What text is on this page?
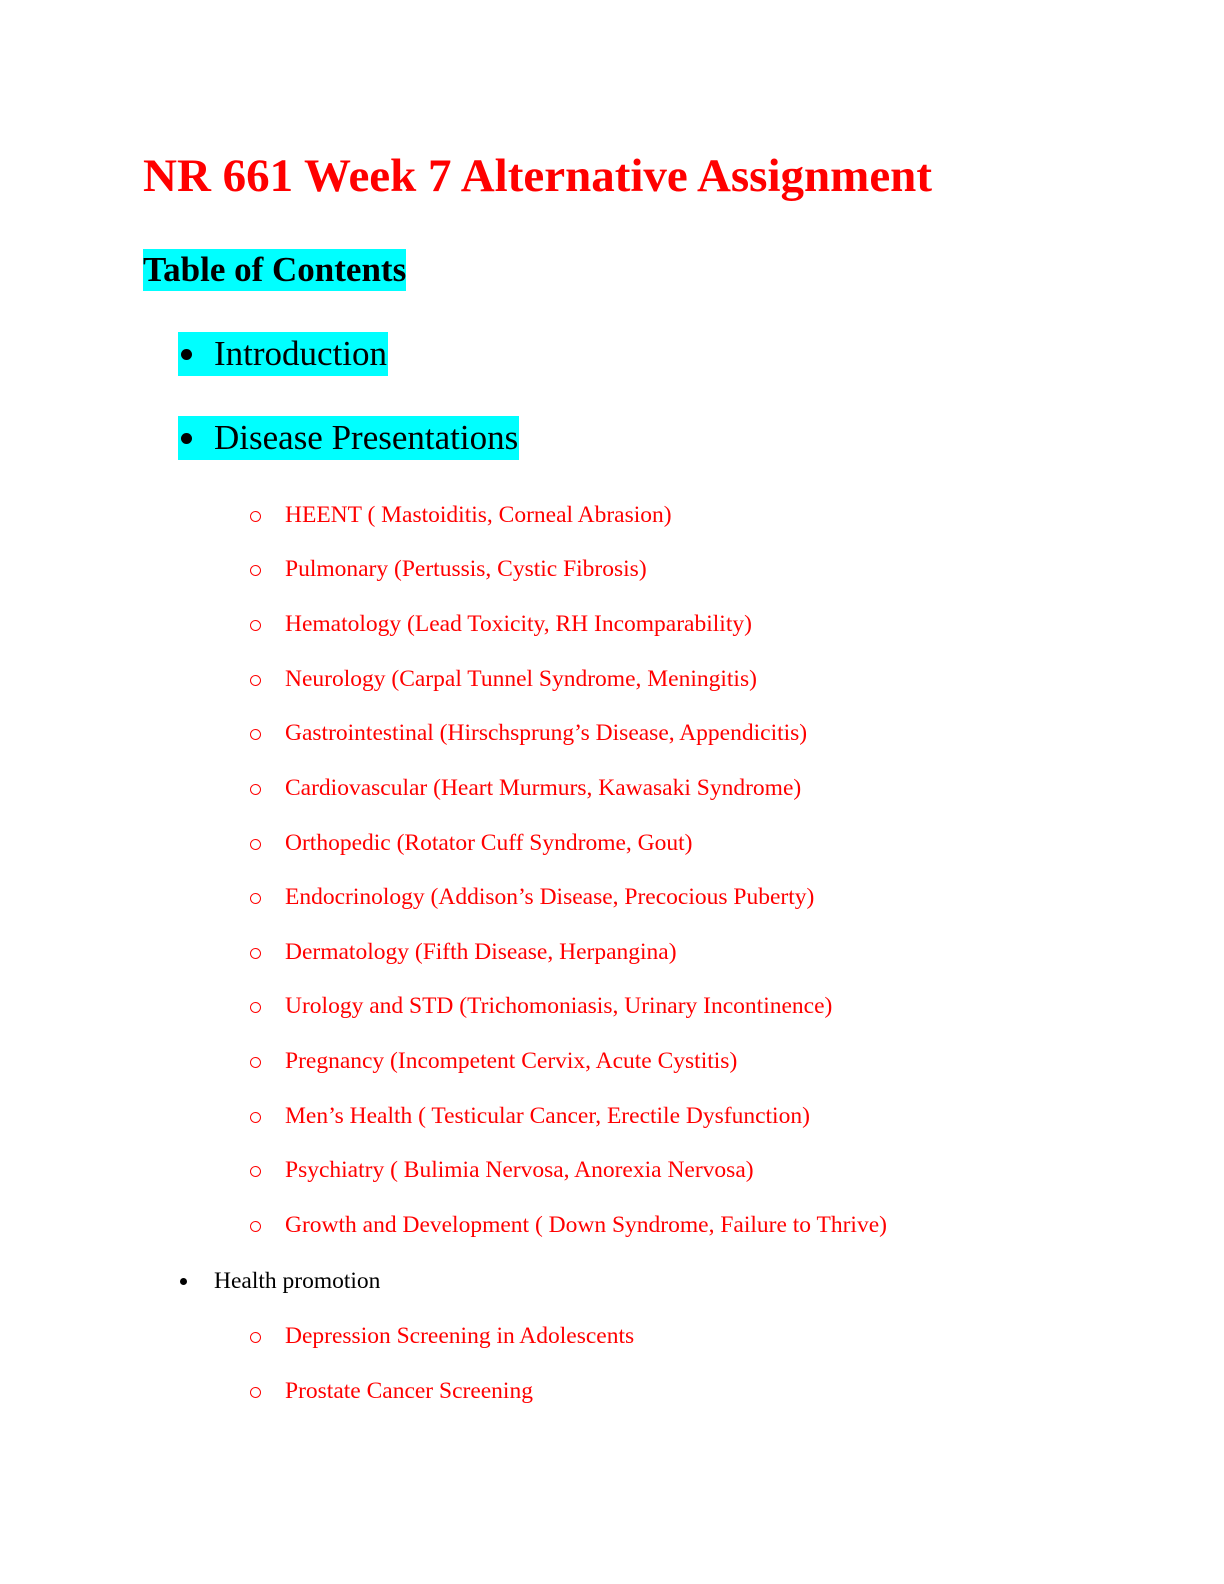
NR 661 Week 7 Alternative Assignment
Table of Contents
Introduction
Disease Presentations
HEENT ( Mastoiditis, Corneal Abrasion)
Pulmonary (Pertussis, Cystic Fibrosis)
Hematology (Lead Toxicity, RH Incomparability)
Neurology (Carpal Tunnel Syndrome, Meningitis)
Gastrointestinal (Hirschsprung’s Disease, Appendicitis)
Cardiovascular (Heart Murmurs, Kawasaki Syndrome)
Orthopedic (Rotator Cuff Syndrome, Gout)
Endocrinology (Addison’s Disease, Precocious Puberty)
Dermatology (Fifth Disease, Herpangina)
Urology and STD (Trichomoniasis, Urinary Incontinence)
Pregnancy (Incompetent Cervix, Acute Cystitis)
Men’s Health ( Testicular Cancer, Erectile Dysfunction)
Psychiatry ( Bulimia Nervosa, Anorexia Nervosa)
Growth and Development ( Down Syndrome, Failure to Thrive)
Health promotion
Depression Screening in Adolescents
Prostate Cancer Screening
